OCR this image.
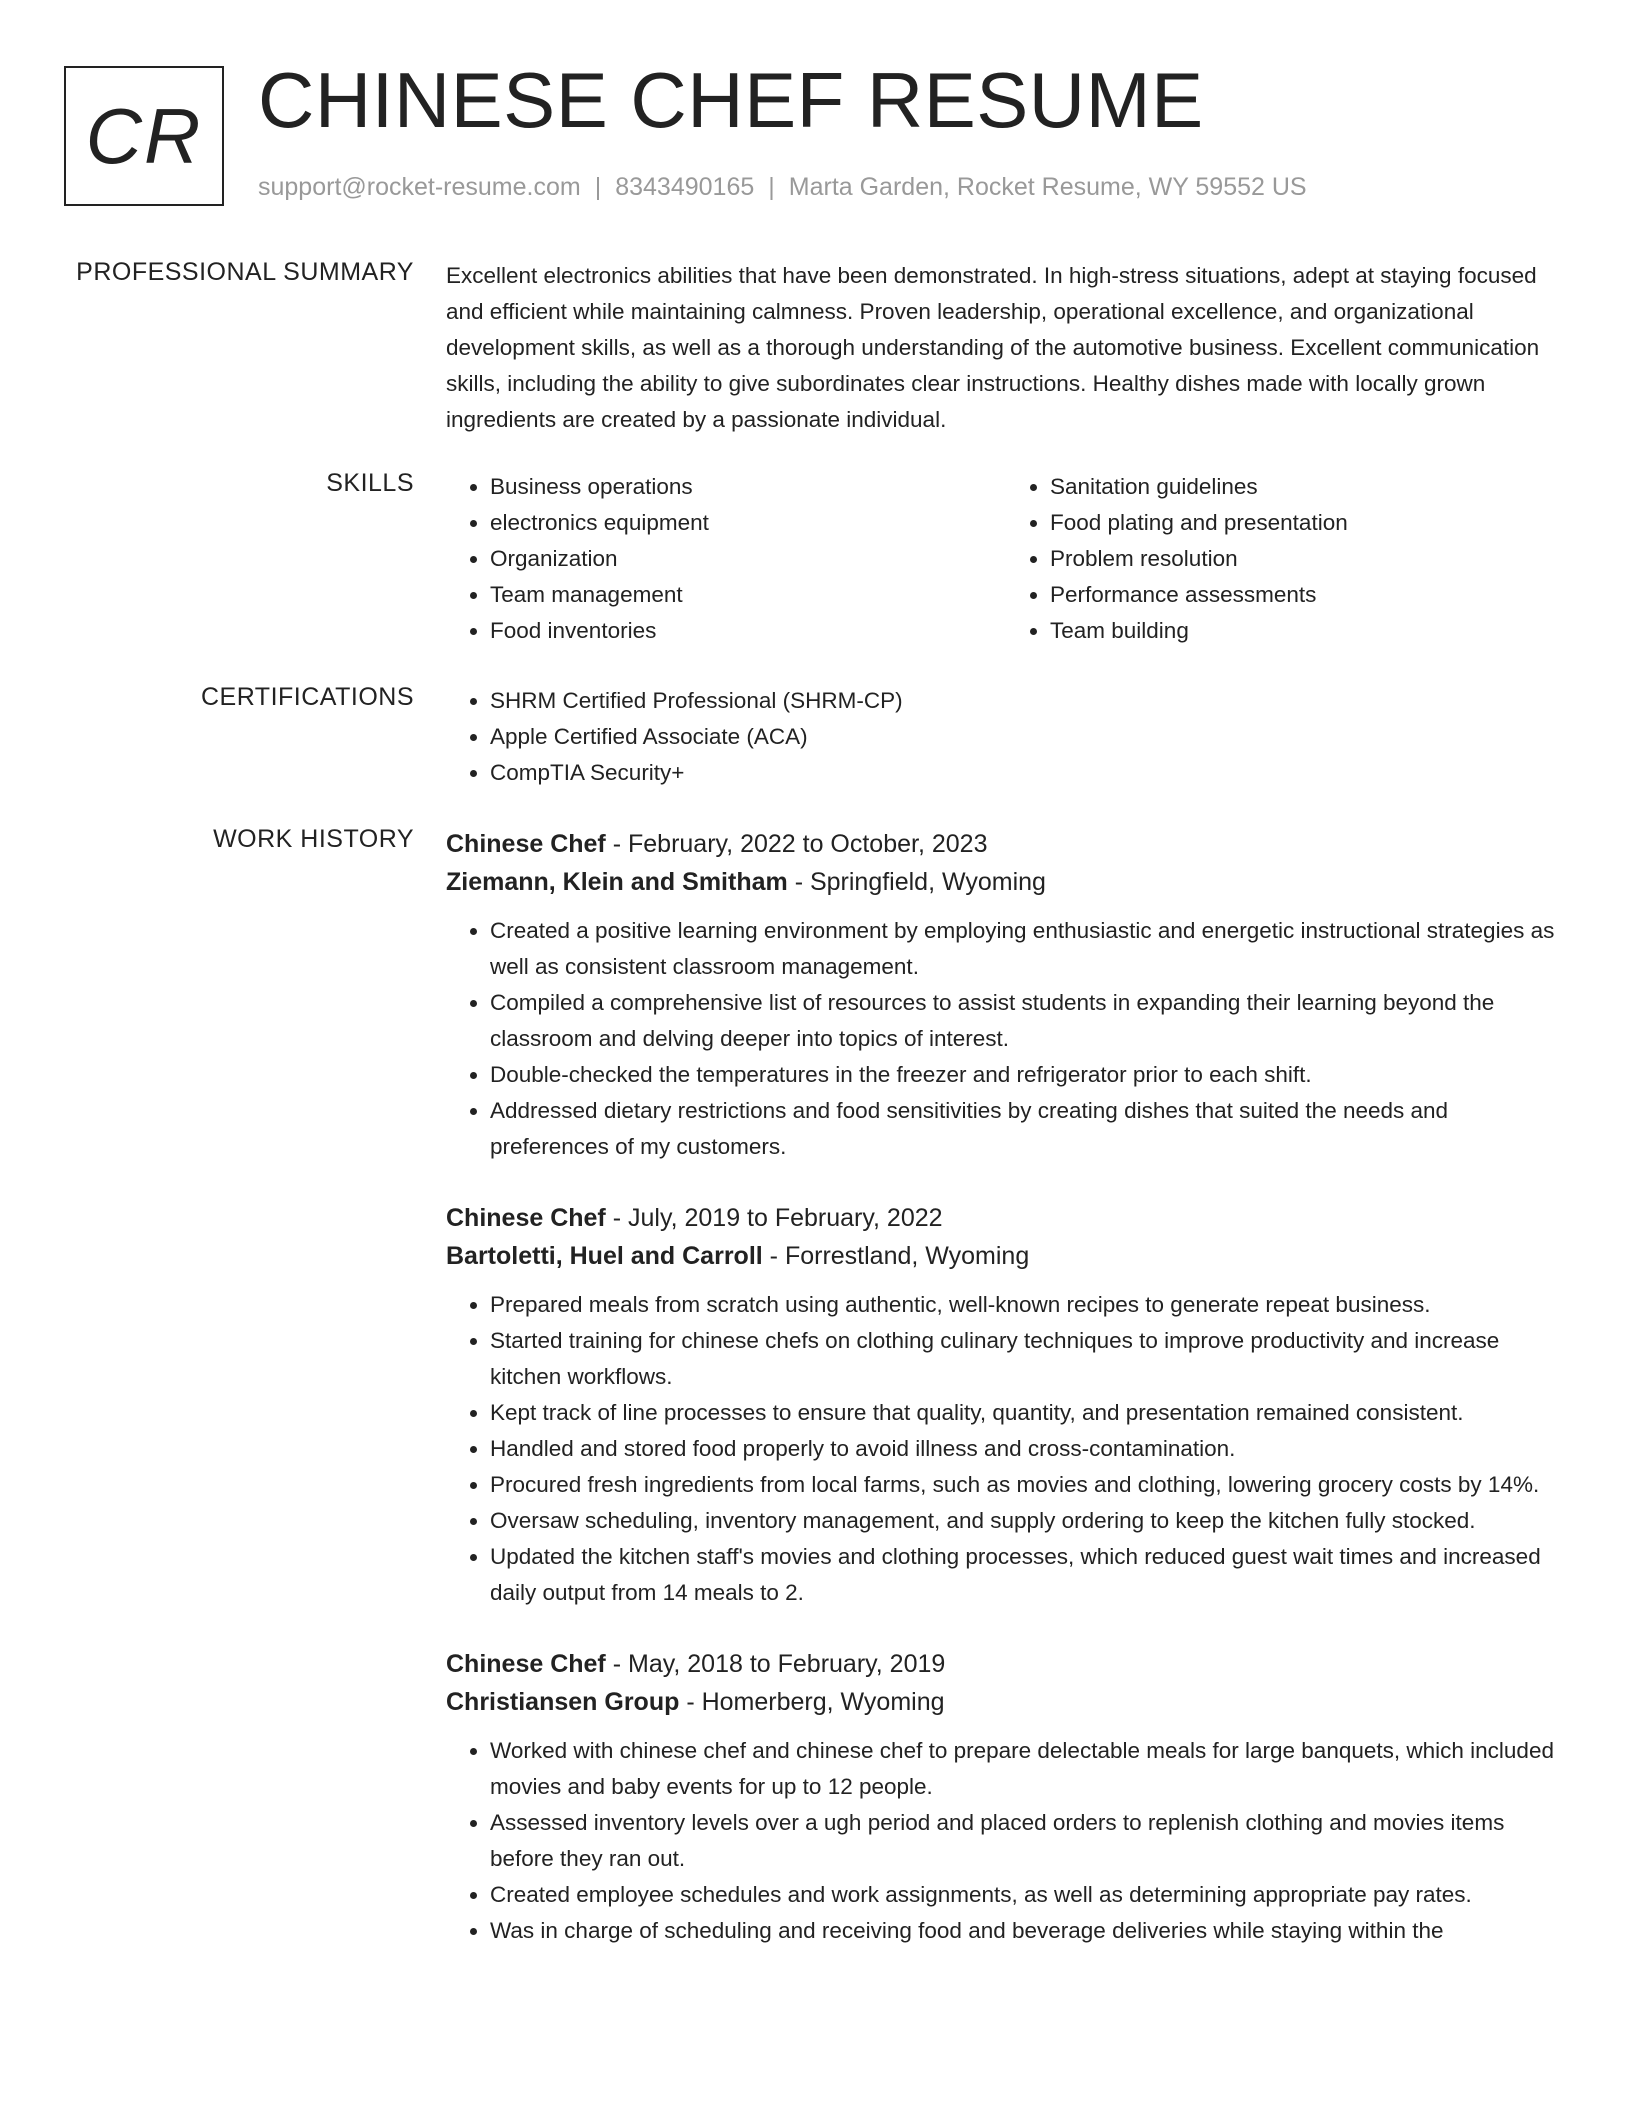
CR CHINESE CHEF RESUME
support@rocket-resume.com | 8343490165 | Marta Garden, Rocket Resume, WY 59552 US
PROFESSIONAL SUMMARY Excellent electronics abilities that have been demonstrated. In high-stress situations, adept at staying focused and efficient while maintaining calmness. Proven leadership, operational excellence, and organizational development skills, as well as a thorough understanding of the automotive business. Excellent communication skills, including the ability to give subordinates clear instructions. Healthy dishes made with locally grown ingredients are created by a passionate individual.

SKILLS	• Business operations
• electronics equipment
• Organization
• Team management
• Food inventories
• Sanitation guidelines
• Food plating and presentation
• Problem resolution
• Performance assessments
• Team building
CERTIFICATIONS	• SHRM Certified Professional (SHRM-CP)
• Apple Certified Associate (ACA)
• CompTIA Security+
WORK HISTORY Chinese Chef - February, 2022 to October, 2023
Ziemann, Klein and Smitham - Springfield, Wyoming
• Created a positive learning environment by employing enthusiastic and energetic instructional strategies as well as consistent classroom management.
• Compiled a comprehensive list of resources to assist students in expanding their learning beyond the classroom and delving deeper into topics of interest.
• Double-checked the temperatures in the freezer and refrigerator prior to each shift.
• Addressed dietary restrictions and food sensitivities by creating dishes that suited the needs and preferences of my customers.
Chinese Chef - July, 2019 to February, 2022
Bartoletti, Huel and Carroll - Forrestland, Wyoming
• Prepared meals from scratch using authentic, well-known recipes to generate repeat business.
• Started training for chinese chefs on clothing culinary techniques to improve productivity and increase kitchen workflows.
• Kept track of line processes to ensure that quality, quantity, and presentation remained consistent.
• Handled and stored food properly to avoid illness and cross-contamination.
• Procured fresh ingredients from local farms, such as movies and clothing, lowering grocery costs by 14%.
• Oversaw scheduling, inventory management, and supply ordering to keep the kitchen fully stocked.
• Updated the kitchen staff's movies and clothing processes, which reduced guest wait times and increased daily output from 14 meals to 2.
Chinese Chef - May, 2018 to February, 2019
Christiansen Group - Homerberg, Wyoming
• Worked with chinese chef and chinese chef to prepare delectable meals for large banquets, which included movies and baby events for up to 12 people.
• Assessed inventory levels over a ugh period and placed orders to replenish clothing and movies items before they ran out.
• Created employee schedules and work assignments, as well as determining appropriate pay rates.
• Was in charge of scheduling and receiving food and beverage deliveries while staying within the
